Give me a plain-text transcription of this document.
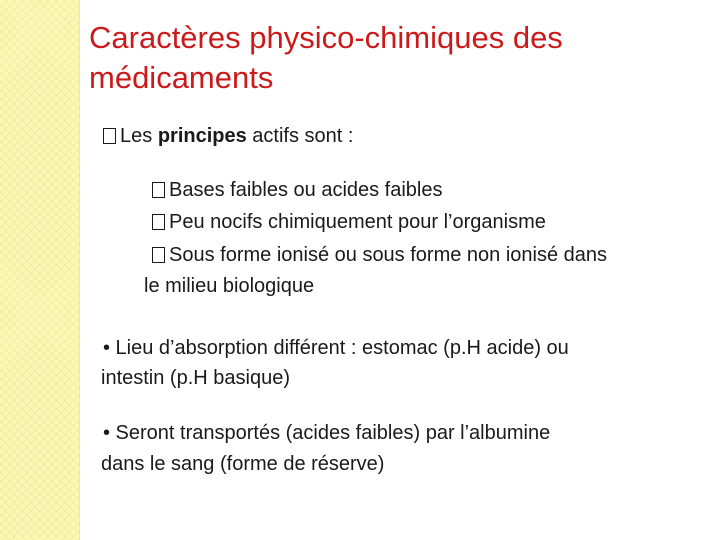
Caractères physico-chimiques des
médicaments
Les principes actifs sont :
Bases faibles ou acides faibles
Peu nocifs chimiquement pour l’organisme
Sous forme ionisé ou sous forme non ionisé dans
le milieu biologique
• Lieu d’absorption différent : estomac (p.H acide) ou
intestin (p.H basique)
• Seront transportés (acides faibles) par l’albumine
dans le sang (forme de réserve)
